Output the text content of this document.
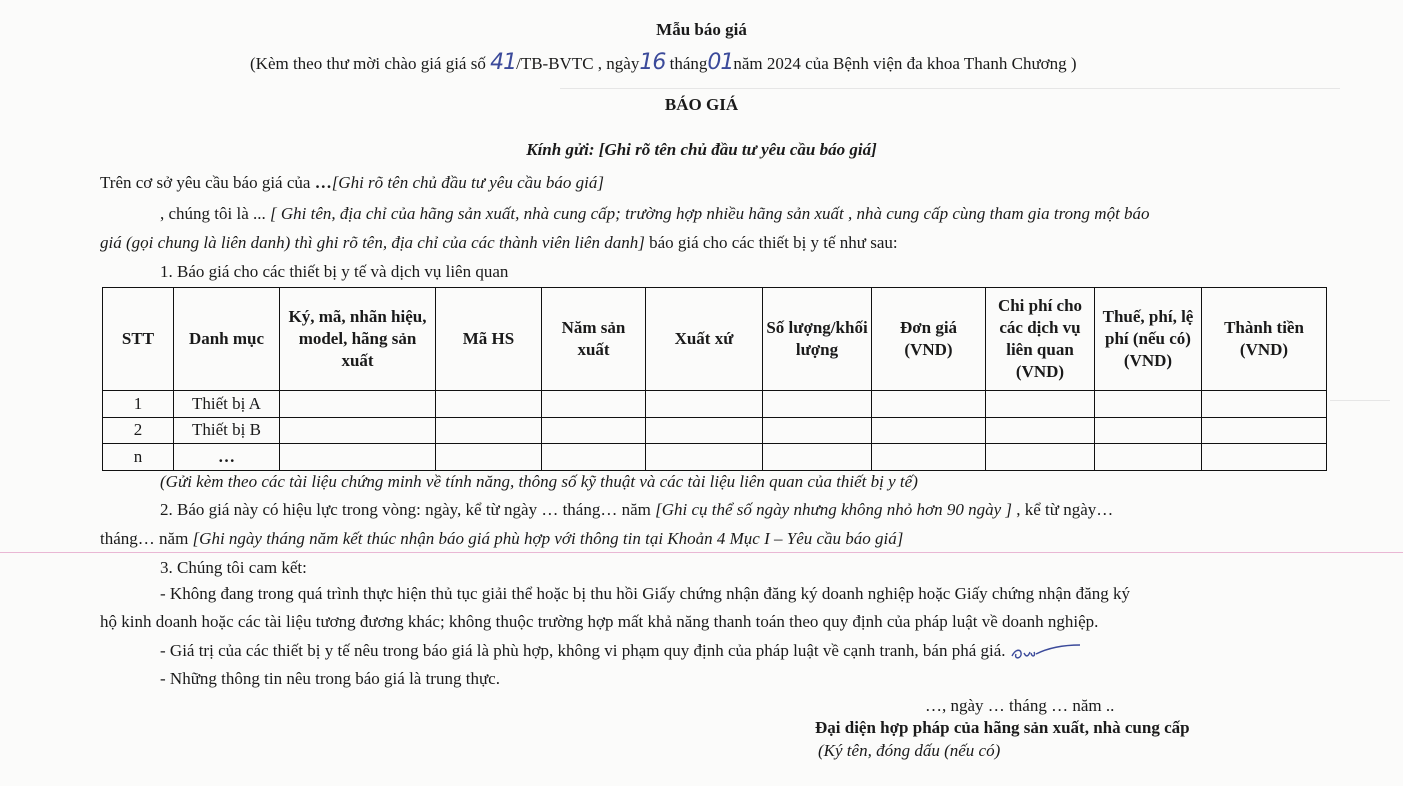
Mẫu báo giá
(Kèm theo thư mời chào giá giá số 41/TB-BVTC , ngày16 tháng01năm 2024 của Bệnh viện đa khoa Thanh Chương )
BÁO GIÁ
Kính gửi: [Ghi rõ tên chủ đầu tư yêu cầu báo giá]
Trên cơ sở yêu cầu báo giá của …[Ghi rõ tên chủ đầu tư yêu cầu báo giá]
, chúng tôi là ... [ Ghi tên, địa chỉ của hãng sản xuất, nhà cung cấp; trường hợp nhiều hãng sản xuất , nhà cung cấp cùng tham gia trong một báo
giá (gọi chung là liên danh) thì ghi rõ tên, địa chỉ của các thành viên liên danh] báo giá cho các thiết bị y tế như sau:
1. Báo giá cho các thiết bị y tế và dịch vụ liên quan
STT	Danh mục	Ký, mã, nhãn hiệu, model, hãng sản xuất	Mã HS	Năm sản xuất	Xuất xứ	Số lượng/khối lượng	Đơn giá (VND)	Chi phí cho các dịch vụ liên quan (VND)	Thuế, phí, lệ phí (nếu có) (VND)	Thành tiền (VND)
1	Thiết bị A									
2	Thiết bị B									
n	…									
(Gửi kèm theo các tài liệu chứng minh về tính năng, thông số kỹ thuật và các tài liệu liên quan của thiết bị y tế)
2. Báo giá này có hiệu lực trong vòng: ngày, kể từ ngày … tháng… năm [Ghi cụ thể số ngày nhưng không nhỏ hơn 90 ngày ] , kể từ ngày…
tháng… năm [Ghi ngày tháng năm kết thúc nhận báo giá phù hợp với thông tin tại Khoản 4 Mục I – Yêu cầu báo giá]
3. Chúng tôi cam kết:
- Không đang trong quá trình thực hiện thủ tục giải thể hoặc bị thu hồi Giấy chứng nhận đăng ký doanh nghiệp hoặc Giấy chứng nhận đăng ký
hộ kinh doanh hoặc các tài liệu tương đương khác; không thuộc trường hợp mất khả năng thanh toán theo quy định của pháp luật về doanh nghiệp.
- Giá trị của các thiết bị y tế nêu trong báo giá là phù hợp, không vi phạm quy định của pháp luật về cạnh tranh, bán phá giá.
- Những thông tin nêu trong báo giá là trung thực.
…, ngày … tháng … năm ..
Đại diện hợp pháp của hãng sản xuất, nhà cung cấp
(Ký tên, đóng dấu (nếu có)
